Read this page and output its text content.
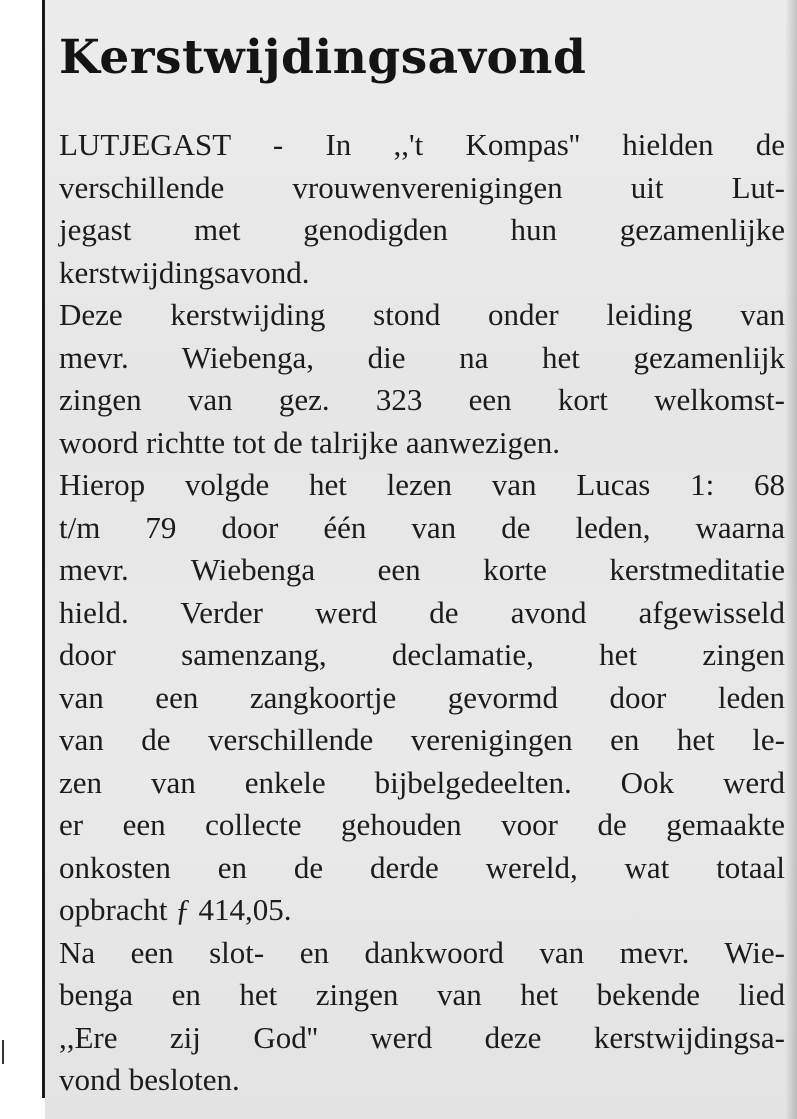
Kerstwijdingsavond
LUTJEGAST - In ,,'t Kompas'' hielden de
verschillende vrouwenverenigingen uit Lut-
jegast met genodigden hun gezamenlijke
kerstwijdingsavond.
Deze kerstwijding stond onder leiding van
mevr. Wiebenga, die na het gezamenlijk
zingen van gez. 323 een kort welkomst-
woord richtte tot de talrijke aanwezigen.
Hierop volgde het lezen van Lucas 1: 68
t/m 79 door één van de leden, waarna
mevr. Wiebenga een korte kerstmeditatie
hield. Verder werd de avond afgewisseld
door samenzang, declamatie, het zingen
van een zangkoortje gevormd door leden
van de verschillende verenigingen en het le-
zen van enkele bijbelgedeelten. Ook werd
er een collecte gehouden voor de gemaakte
onkosten en de derde wereld, wat totaal
opbracht ƒ 414,05.
Na een slot- en dankwoord van mevr. Wie-
benga en het zingen van het bekende lied
,,Ere zij God'' werd deze kerstwijdingsa-
vond besloten.
